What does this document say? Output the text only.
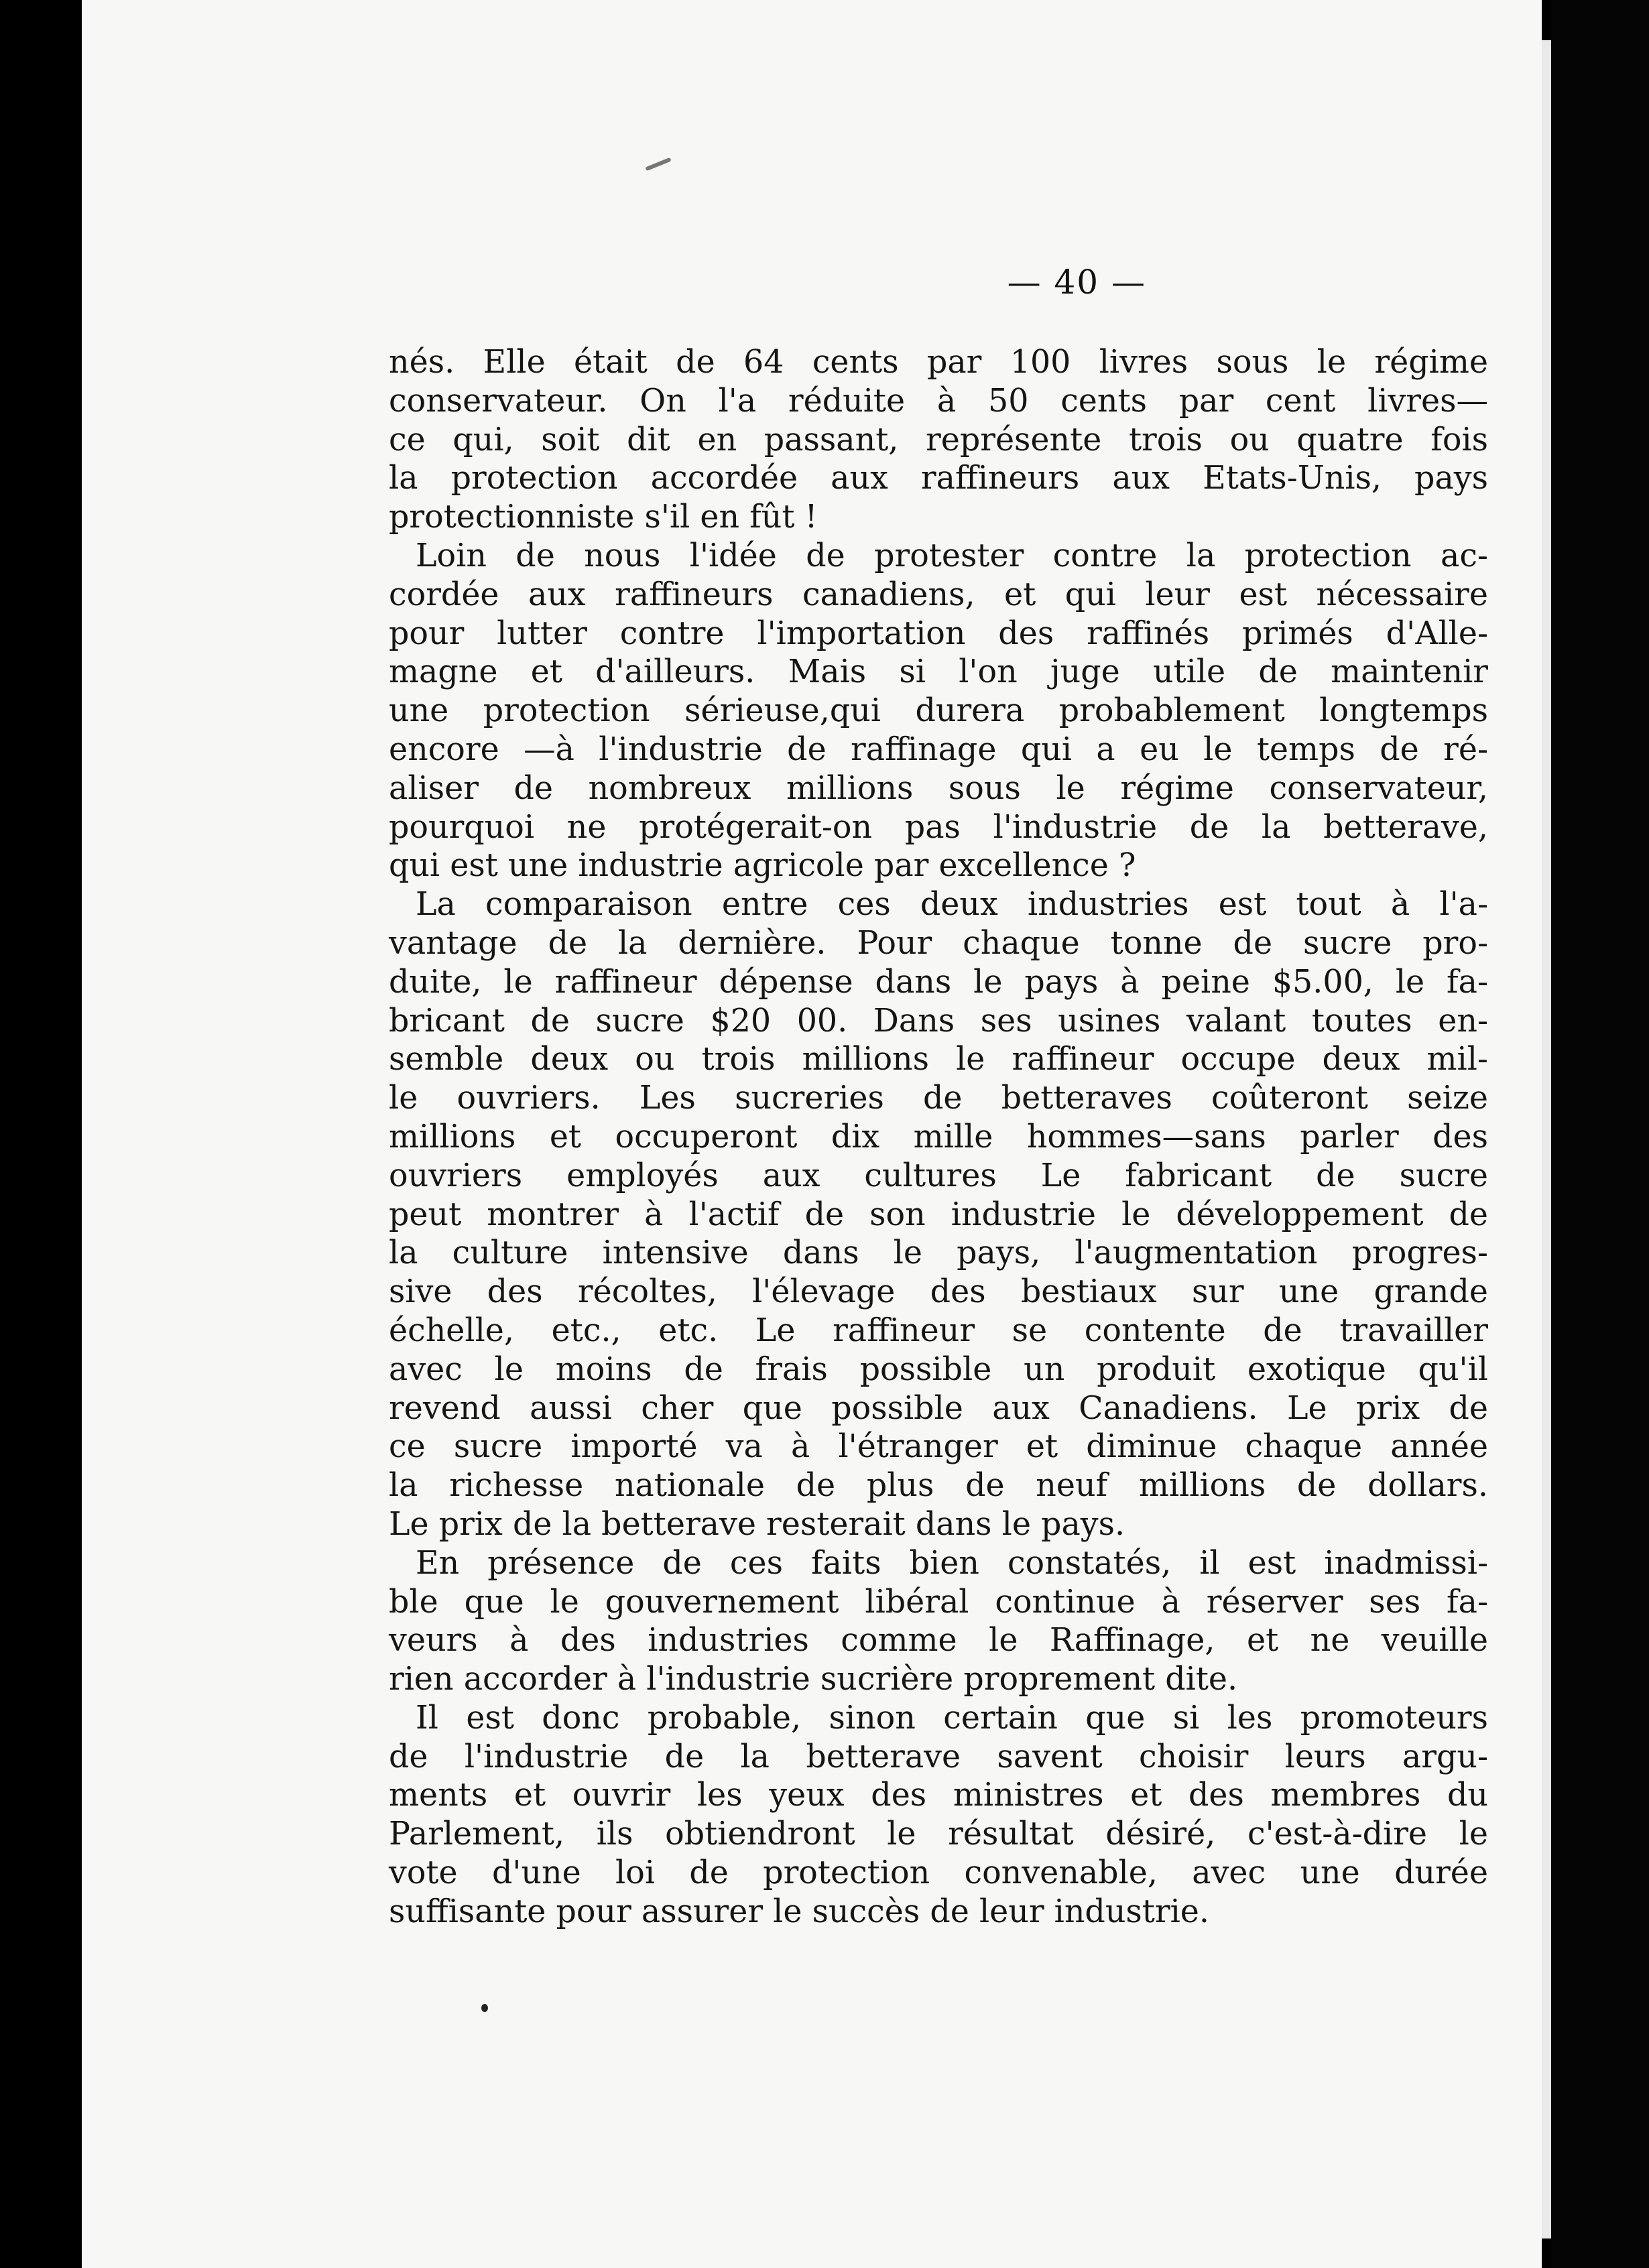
— 40 —
nés. Elle était de 64 cents par 100 livres sous le régime
conservateur. On l'a réduite à 50 cents par cent livres—
ce qui, soit dit en passant, représente trois ou quatre fois
la protection accordée aux raffineurs aux Etats-Unis, pays
protectionniste s'il en fût !
Loin de nous l'idée de protester contre la protection ac-
cordée aux raffineurs canadiens, et qui leur est nécessaire
pour lutter contre l'importation des raffinés primés d'Alle-
magne et d'ailleurs. Mais si l'on juge utile de maintenir
une protection sérieuse,qui durera probablement longtemps
encore —à l'industrie de raffinage qui a eu le temps de ré-
aliser de nombreux millions sous le régime conservateur,
pourquoi ne protégerait-on pas l'industrie de la betterave,
qui est une industrie agricole par excellence ?
La comparaison entre ces deux industries est tout à l'a-
vantage de la dernière. Pour chaque tonne de sucre pro-
duite, le raffineur dépense dans le pays à peine $5.00, le fa-
bricant de sucre $20 00. Dans ses usines valant toutes en-
semble deux ou trois millions le raffineur occupe deux mil-
le ouvriers. Les sucreries de betteraves coûteront seize
millions et occuperont dix mille hommes—sans parler des
ouvriers employés aux cultures Le fabricant de sucre
peut montrer à l'actif de son industrie le développement de
la culture intensive dans le pays, l'augmentation progres-
sive des récoltes, l'élevage des bestiaux sur une grande
échelle, etc., etc. Le raffineur se contente de travailler
avec le moins de frais possible un produit exotique qu'il
revend aussi cher que possible aux Canadiens. Le prix de
ce sucre importé va à l'étranger et diminue chaque année
la richesse nationale de plus de neuf millions de dollars.
Le prix de la betterave resterait dans le pays.
En présence de ces faits bien constatés, il est inadmissi-
ble que le gouvernement libéral continue à réserver ses fa-
veurs à des industries comme le Raffinage, et ne veuille
rien accorder à l'industrie sucrière proprement dite.
Il est donc probable, sinon certain que si les promoteurs
de l'industrie de la betterave savent choisir leurs argu-
ments et ouvrir les yeux des ministres et des membres du
Parlement, ils obtiendront le résultat désiré, c'est-à-dire le
vote d'une loi de protection convenable, avec une durée
suffisante pour assurer le succès de leur industrie.
